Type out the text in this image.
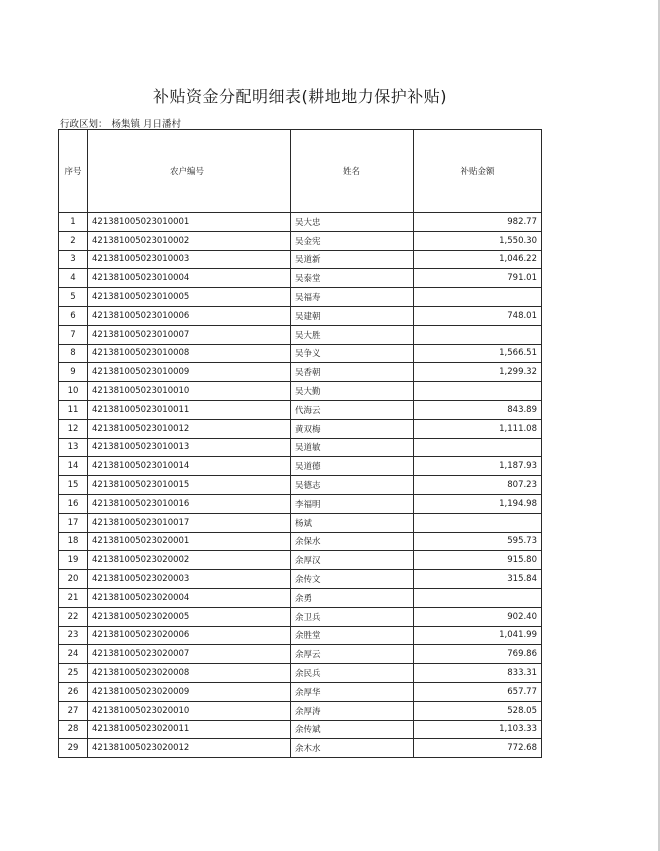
补贴资金分配明细表(耕地地力保护补贴)
行政区划： 杨集镇 月日潘村
序号	农户编号	姓名	补贴金额
1	421381005023010001	吴大忠	982.77
2	421381005023010002	吴金宪	1,550.30
3	421381005023010003	吴道新	1,046.22
4	421381005023010004	吴泰堂	791.01
5	421381005023010005	吴福寿	
6	421381005023010006	吴建朝	748.01
7	421381005023010007	吴大胜	
8	421381005023010008	吴争义	1,566.51
9	421381005023010009	吴香朝	1,299.32
10	421381005023010010	吴大勤	
11	421381005023010011	代海云	843.89
12	421381005023010012	黄双梅	1,111.08
13	421381005023010013	吴道敏	
14	421381005023010014	吴道德	1,187.93
15	421381005023010015	吴德志	807.23
16	421381005023010016	李福明	1,194.98
17	421381005023010017	杨斌	
18	421381005023020001	余保水	595.73
19	421381005023020002	余厚汉	915.80
20	421381005023020003	余传文	315.84
21	421381005023020004	余勇	
22	421381005023020005	余卫兵	902.40
23	421381005023020006	余胜堂	1,041.99
24	421381005023020007	余厚云	769.86
25	421381005023020008	余民兵	833.31
26	421381005023020009	余厚华	657.77
27	421381005023020010	余厚涛	528.05
28	421381005023020011	余传斌	1,103.33
29	421381005023020012	余木水	772.68
